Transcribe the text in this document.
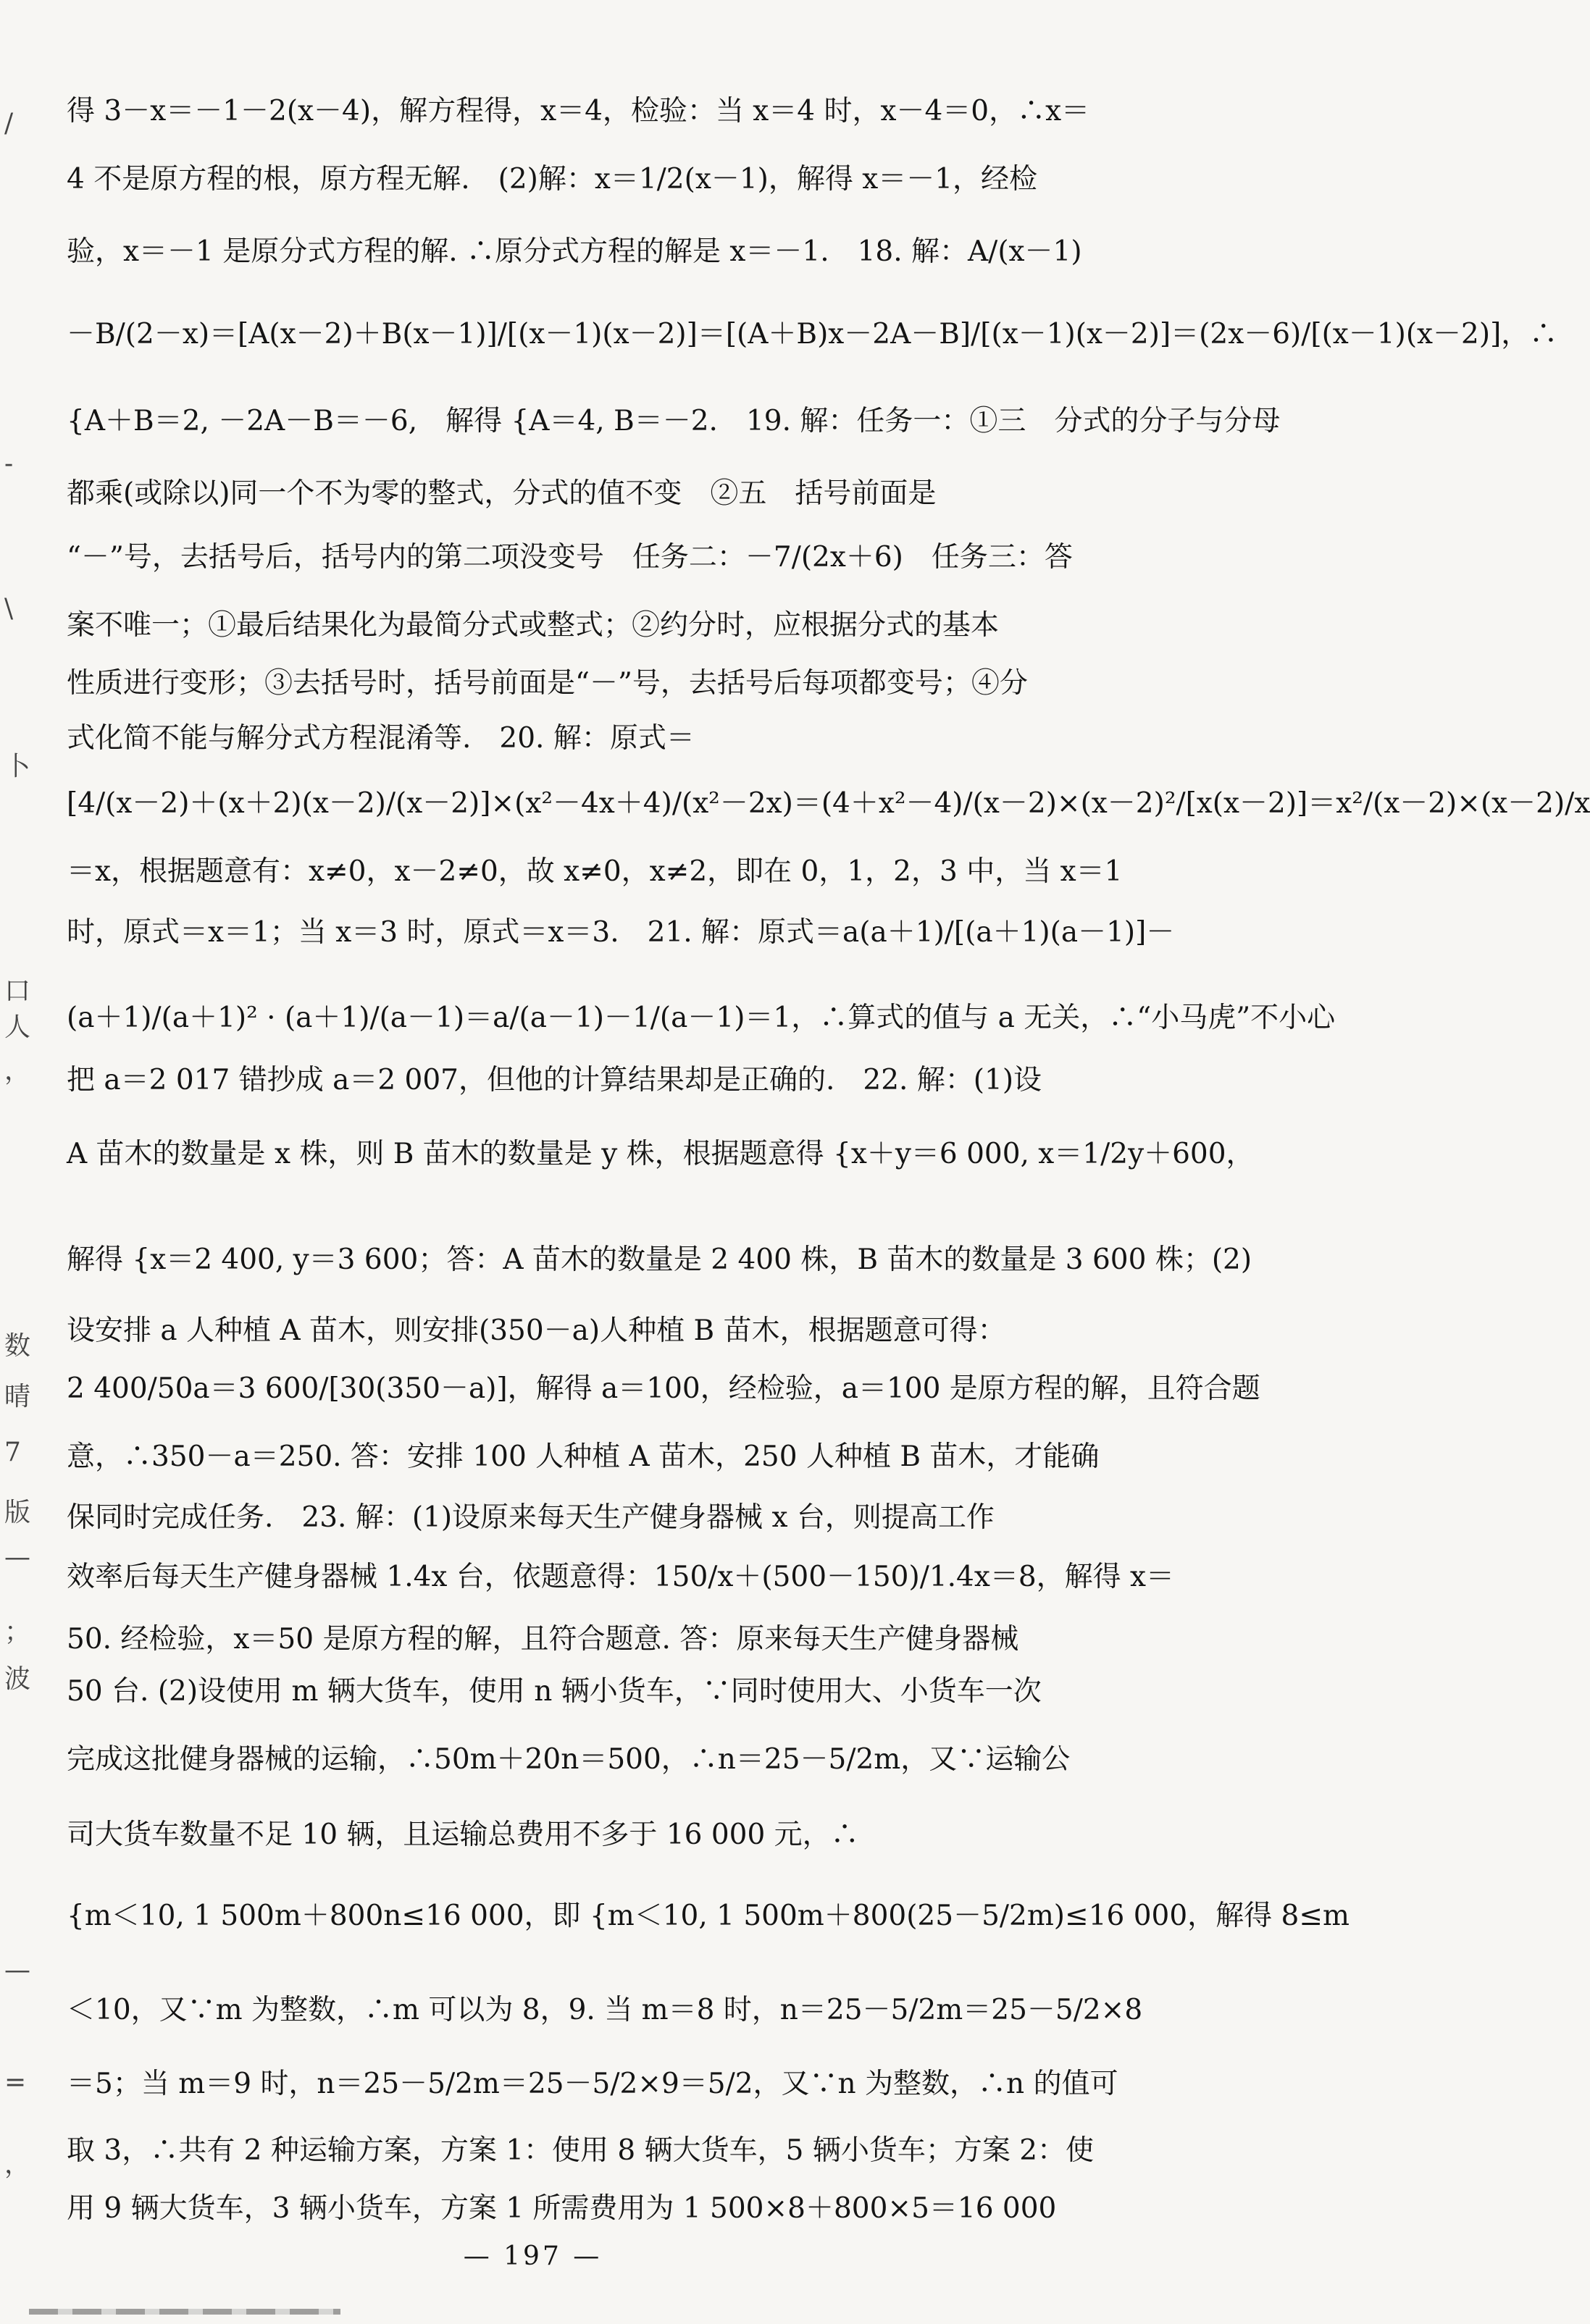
/
-
\
卜
口
人
，
数
晴
7
版
—
；
波
—
=
，
得 3－x＝－1－2(x－4)，解方程得，x＝4，检验：当 x＝4 时，x－4＝0，∴x＝
4 不是原方程的根，原方程无解.　(2)解：x＝1/2(x－1)，解得 x＝－1，经检
验，x＝－1 是原分式方程的解. ∴原分式方程的解是 x＝－1.　18. 解：A/(x－1)
－B/(2－x)＝[A(x－2)＋B(x－1)]/[(x－1)(x－2)]＝[(A＋B)x－2A－B]/[(x－1)(x－2)]＝(2x－6)/[(x－1)(x－2)]，∴
{A＋B＝2, －2A－B＝－6,　解得 {A＝4, B＝－2.　19. 解：任务一：①三　分式的分子与分母
都乘(或除以)同一个不为零的整式，分式的值不变　②五　括号前面是
“－”号，去括号后，括号内的第二项没变号　任务二：－7/(2x＋6)　任务三：答
案不唯一；①最后结果化为最简分式或整式；②约分时，应根据分式的基本
性质进行变形；③去括号时，括号前面是“－”号，去括号后每项都变号；④分
式化简不能与解分式方程混淆等.　20. 解：原式＝
[4/(x－2)＋(x＋2)(x－2)/(x－2)]×(x²－4x＋4)/(x²－2x)＝(4＋x²－4)/(x－2)×(x－2)²/[x(x－2)]＝x²/(x－2)×(x－2)/x
＝x，根据题意有：x≠0，x－2≠0，故 x≠0，x≠2，即在 0，1，2，3 中，当 x＝1
时，原式＝x＝1；当 x＝3 时，原式＝x＝3.　21. 解：原式＝a(a＋1)/[(a＋1)(a－1)]－
(a＋1)/(a＋1)² · (a＋1)/(a－1)＝a/(a－1)－1/(a－1)＝1，∴算式的值与 a 无关，∴“小马虎”不小心
把 a＝2 017 错抄成 a＝2 007，但他的计算结果却是正确的.　22. 解：(1)设
A 苗木的数量是 x 株，则 B 苗木的数量是 y 株，根据题意得 {x＋y＝6 000, x＝1/2y＋600，
解得 {x＝2 400, y＝3 600；答：A 苗木的数量是 2 400 株，B 苗木的数量是 3 600 株；(2)
设安排 a 人种植 A 苗木，则安排(350－a)人种植 B 苗木，根据题意可得：
2 400/50a＝3 600/[30(350－a)]，解得 a＝100，经检验，a＝100 是原方程的解，且符合题
意，∴350－a＝250. 答：安排 100 人种植 A 苗木，250 人种植 B 苗木，才能确
保同时完成任务.　23. 解：(1)设原来每天生产健身器械 x 台，则提高工作
效率后每天生产健身器械 1.4x 台，依题意得：150/x＋(500－150)/1.4x＝8，解得 x＝
50. 经检验，x＝50 是原方程的解，且符合题意. 答：原来每天生产健身器械
50 台. (2)设使用 m 辆大货车，使用 n 辆小货车，∵同时使用大、小货车一次
完成这批健身器械的运输，∴50m＋20n＝500，∴n＝25－5/2m，又∵运输公
司大货车数量不足 10 辆，且运输总费用不多于 16 000 元，∴
{m＜10, 1 500m＋800n≤16 000，即 {m＜10, 1 500m＋800(25－5/2m)≤16 000，解得 8≤m
＜10，又∵m 为整数，∴m 可以为 8，9. 当 m＝8 时，n＝25－5/2m＝25－5/2×8
＝5；当 m＝9 时，n＝25－5/2m＝25－5/2×9＝5/2，又∵n 为整数，∴n 的值可
取 3，∴共有 2 种运输方案，方案 1：使用 8 辆大货车，5 辆小货车；方案 2：使
用 9 辆大货车，3 辆小货车，方案 1 所需费用为 1 500×8＋800×5＝16 000
— 197 —
